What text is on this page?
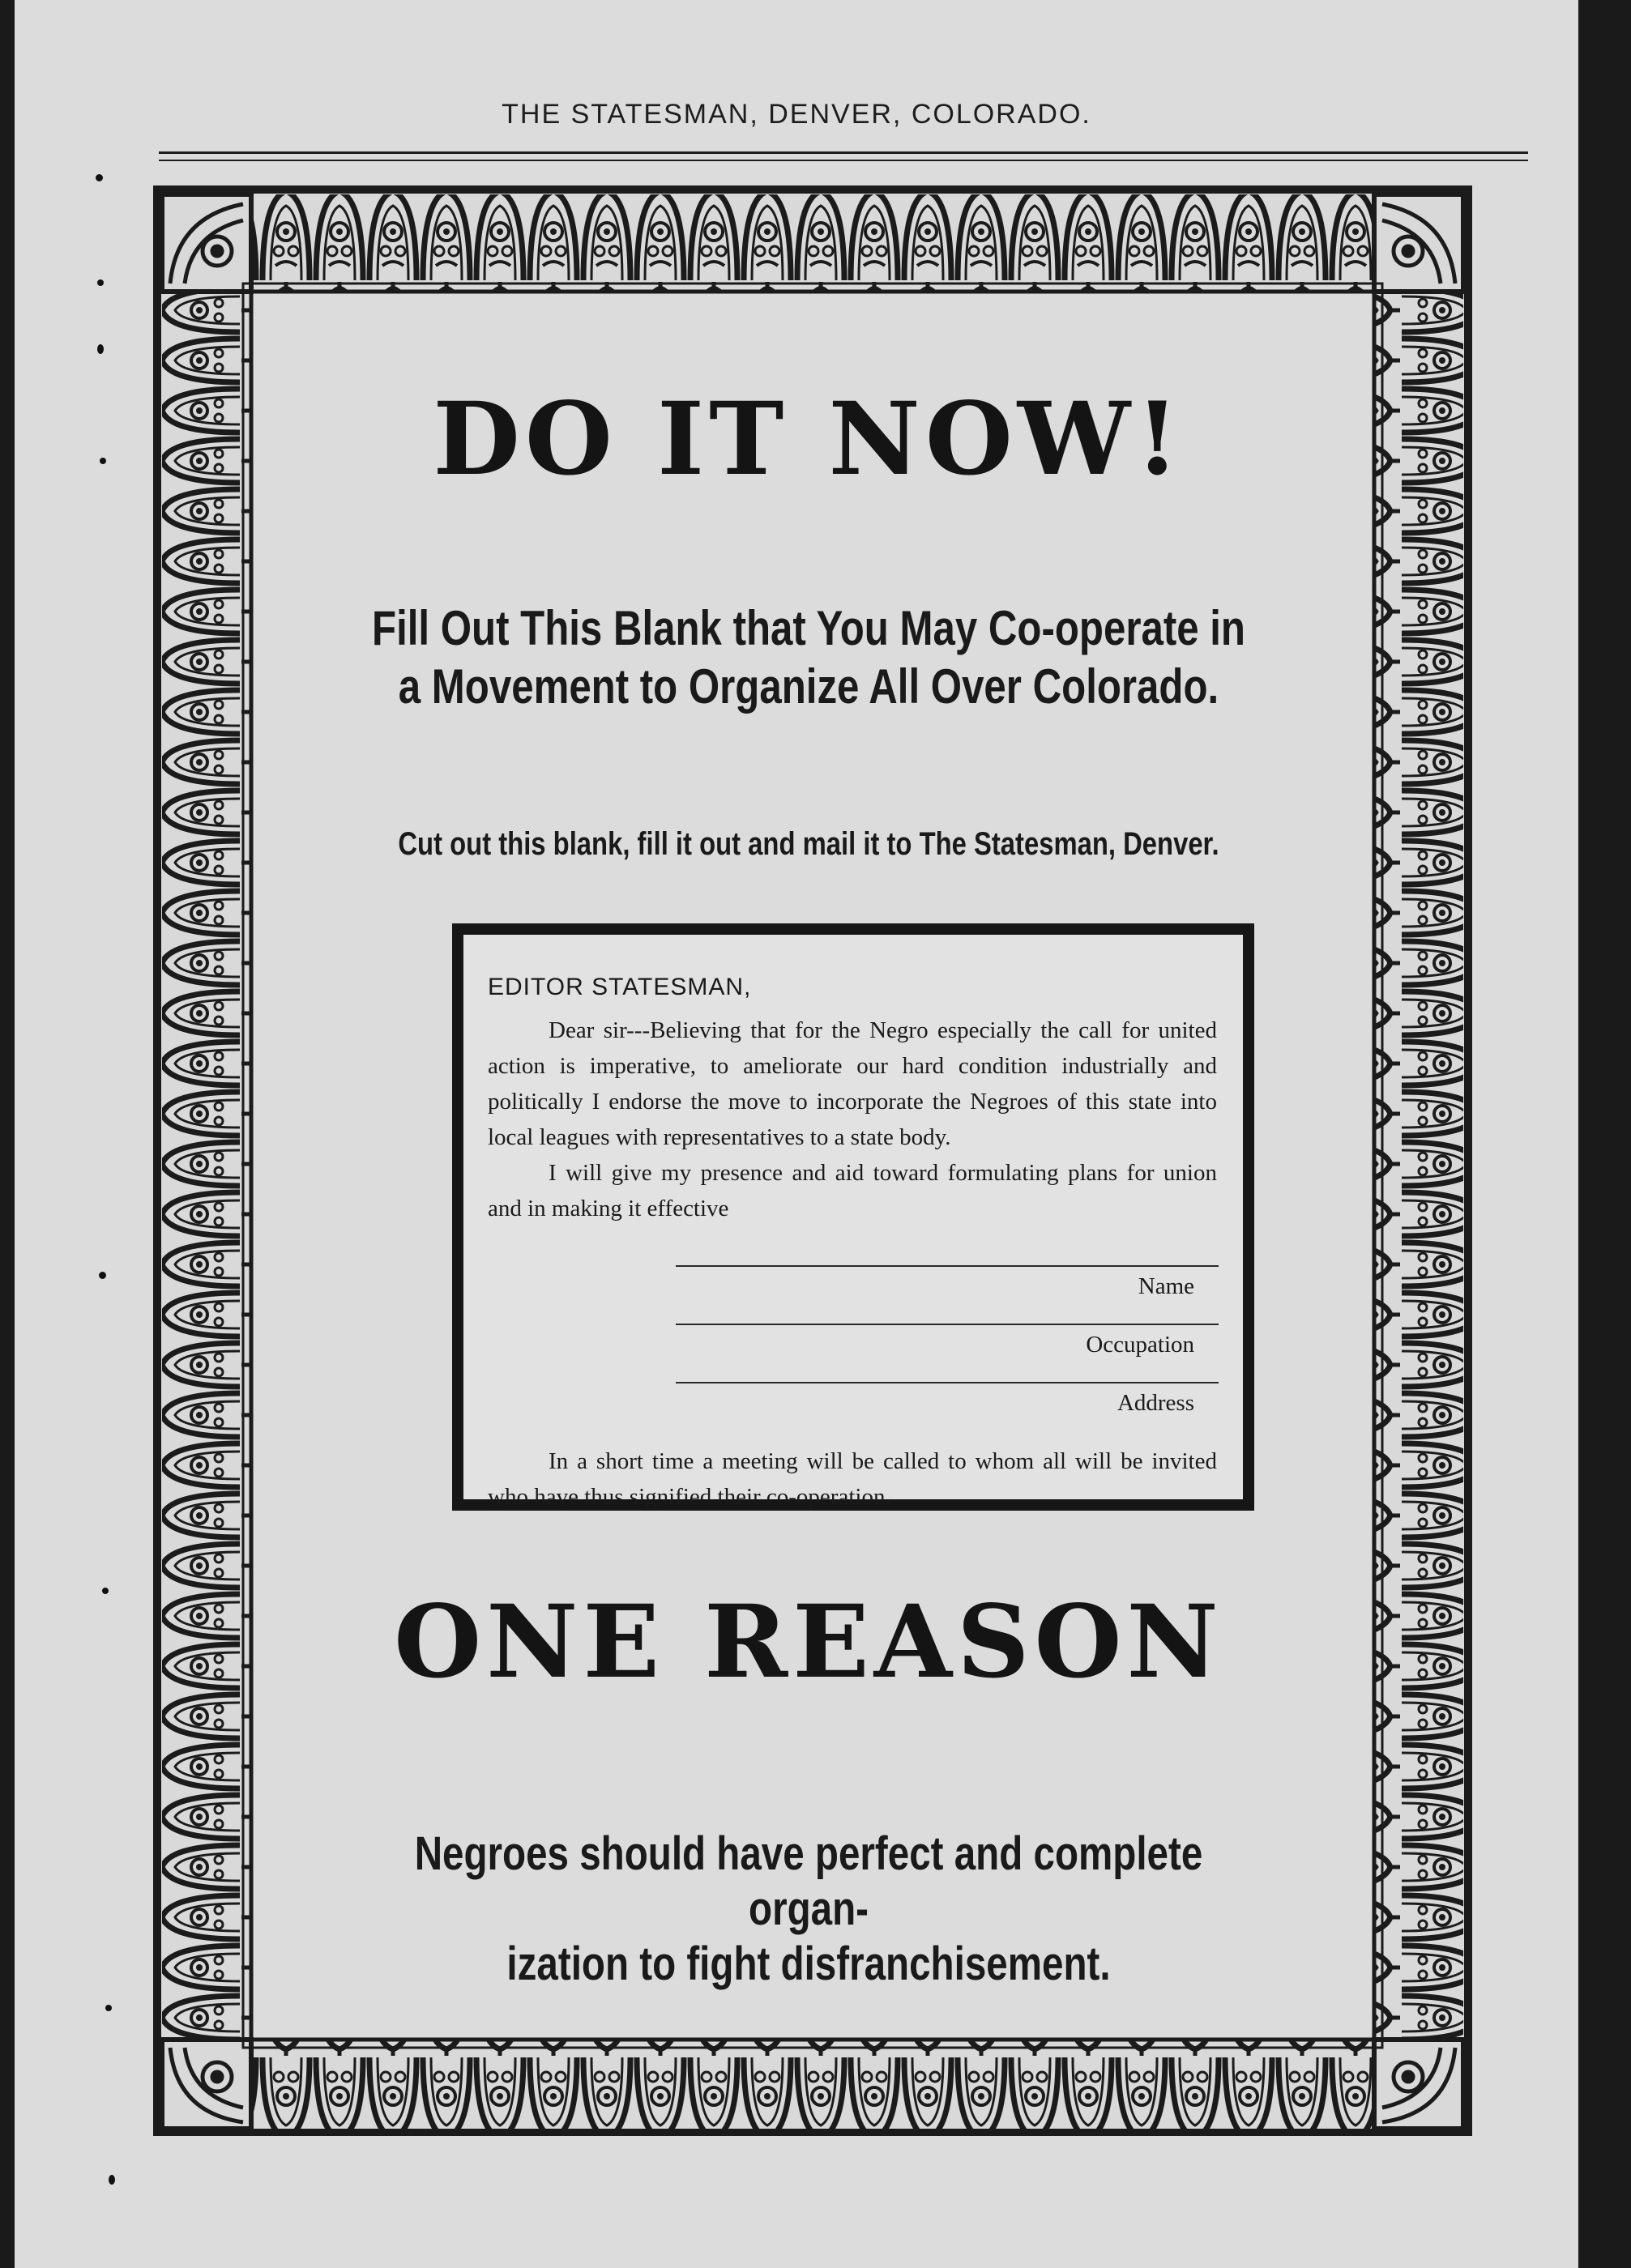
THE STATESMAN, DENVER, COLORADO.
DO IT NOW!
Fill Out This Blank that You May Co-operate in
a Movement to Organize All Over Colorado.
Cut out this blank, fill it out and mail it to The Statesman, Denver.
EDITOR STATESMAN,
Dear sir---Believing that for the Negro especially the call for united action is imperative, to ameliorate our hard condition industrially and politically I endorse the move to incorporate the Negroes of this state into local leagues with representatives to a state body.
I will give my presence and aid toward formulating plans for union and in making it effective
Name
Occupation
Address
In a short time a meeting will be called to whom all will be invited who have thus signified their co-operation.
ONE REASON
Negroes should have perfect and complete organ-
ization to fight disfranchisement.
